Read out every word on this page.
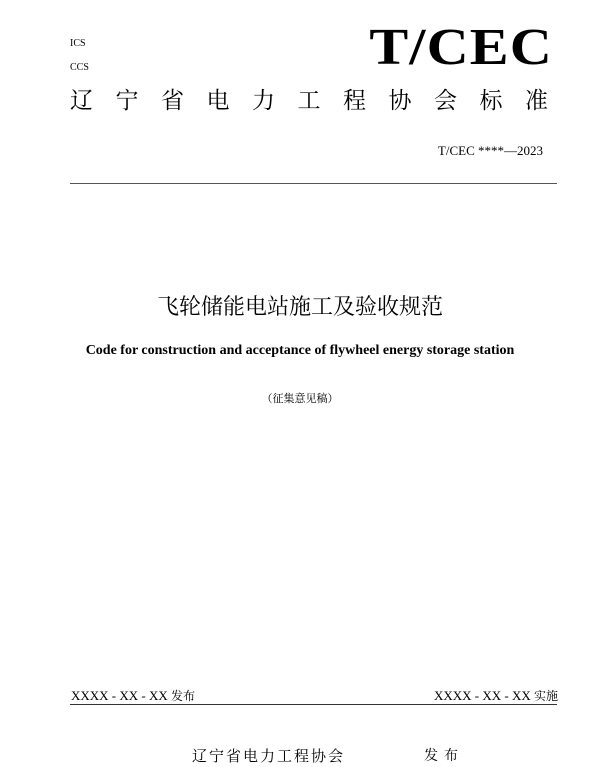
ICS
CCS	T/CEC
辽 宁 省 电 力 工 程 协 会 标 准
T/CEC ****—2023
飞轮储能电站施工及验收规范
Code for construction and acceptance of flywheel energy storage station
（征集意见稿）
XXXX - XX - XX 发布	XXXX - XX - XX 实施
辽宁省电力工程协会	发布
